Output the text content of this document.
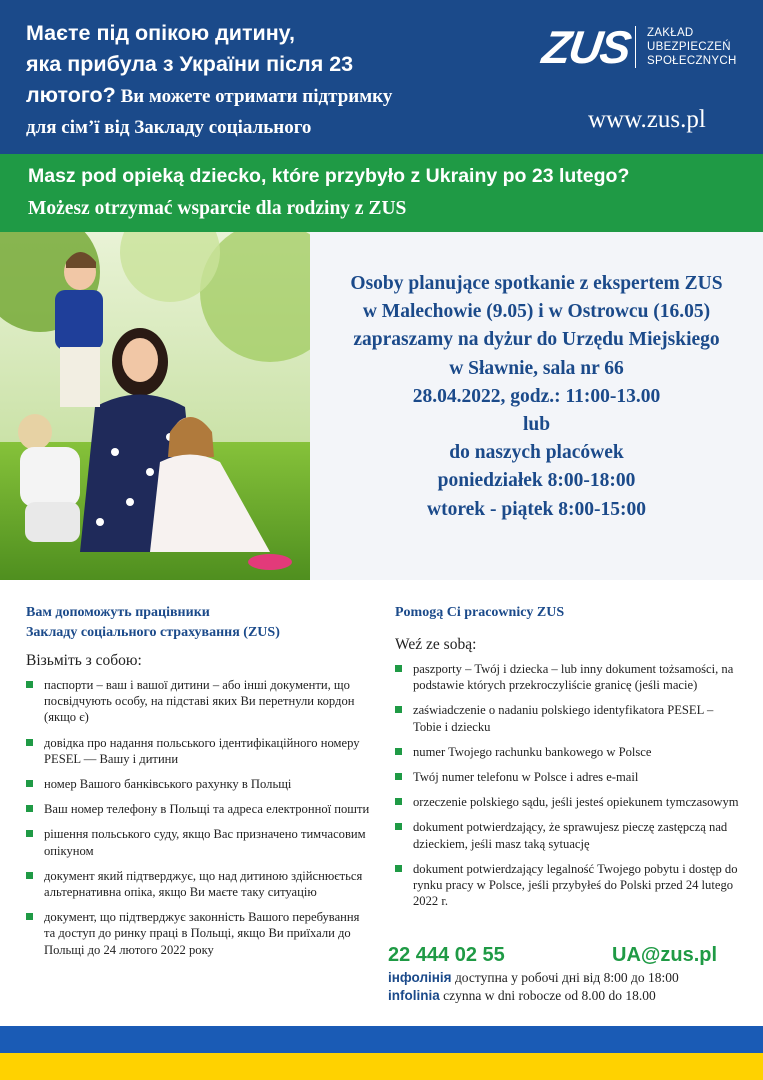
Маєте під опікою дитину,
яка прибула з України після 23
лютого? Ви можете отримати підтримку
для сім’ї від Закладу соціального
ZUS ZAKŁAD
UBEZPIECZEŃ
SPOŁECZNYCH
www.zus.pl
Masz pod opieką dziecko, które przybyło z Ukrainy po 23 lutego?
Możesz otrzymać wsparcie dla rodziny z ZUS
Osoby planujące spotkanie z ekspertem ZUS
w Malechowie (9.05) i w Ostrowcu (16.05)
zapraszamy na dyżur do Urzędu Miejskiego
w Sławnie, sala nr 66
28.04.2022, godz.: 11:00-13.00
lub
do naszych placówek
poniedziałek 8:00-18:00
wtorek - piątek 8:00-15:00
Вам допоможуть працівники
Закладу соціального страхування (ZUS)
Візьміть з собою:
паспорти – ваш і вашої дитини – або інші документи, що посвідчують особу, на підставі яких Ви перетнули кордон (якщо є)
довідка про надання польського ідентифікаційного номеру PESEL — Вашу і дитини
номер Вашого банківського рахунку в Польщі
Ваш номер телефону в Польщі та адреса електронної пошти
рішення польського суду, якщо Вас призначено тимчасовим опікуном
документ який підтверджує, що над дитиною здійснюється альтернативна опіка, якщо Ви маєте таку ситуацію
документ, що підтверджує законність Вашого перебування та доступ до ринку праці в Польщі, якщо Ви приїхали до Польщі до 24 лютого 2022 року
Pomogą Ci pracownicy ZUS
Weź ze sobą:
paszporty – Twój i dziecka – lub inny dokument tożsamości, na podstawie których przekroczyliście granicę (jeśli macie)
zaświadczenie o nadaniu polskiego identyfikatora PESEL – Tobie i dziecku
numer Twojego rachunku bankowego w Polsce
Twój numer telefonu w Polsce i adres e-mail
orzeczenie polskiego sądu, jeśli jesteś opiekunem tymczasowym
dokument potwierdzający, że sprawujesz pieczę zastępczą nad dzieckiem, jeśli masz taką sytuację
dokument potwierdzający legalność Twojego pobytu i dostęp do rynku pracy w Polsce, jeśli przybyłeś do Polski przed 24 lutego 2022 r.
22 444 02 55	UA@zus.pl
інфолінія доступна у робочі дні від 8:00 до 18:00
infolinia czynna w dni robocze od 8.00 do 18.00
